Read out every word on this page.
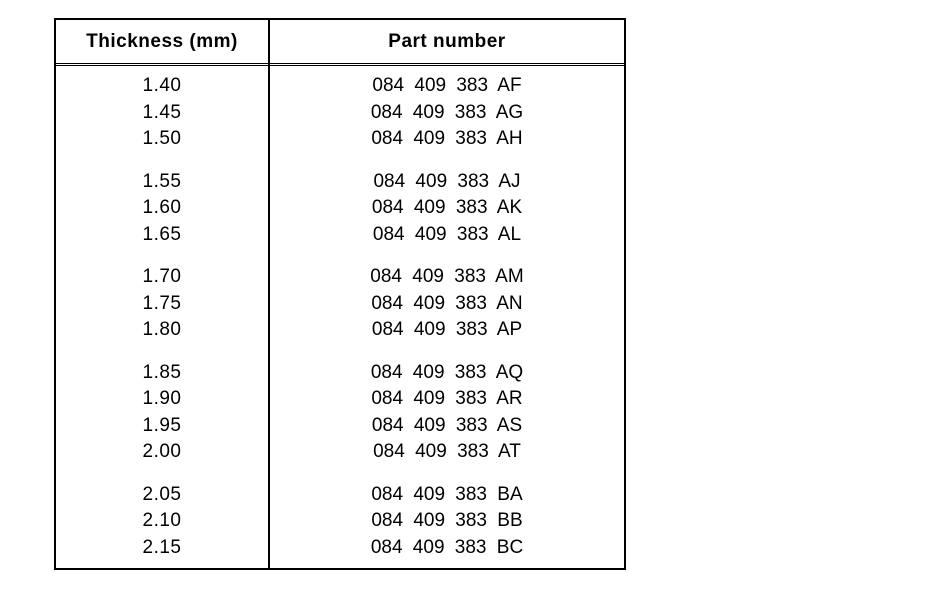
Thickness (mm)	Part number
1.40	084 409 383 AF
1.45	084 409 383 AG
1.50	084 409 383 AH
1.55	084 409 383 AJ
1.60	084 409 383 AK
1.65	084 409 383 AL
1.70	084 409 383 AM
1.75	084 409 383 AN
1.80	084 409 383 AP
1.85	084 409 383 AQ
1.90	084 409 383 AR
1.95	084 409 383 AS
2.00	084 409 383 AT
2.05	084 409 383 BA
2.10	084 409 383 BB
2.15	084 409 383 BC
